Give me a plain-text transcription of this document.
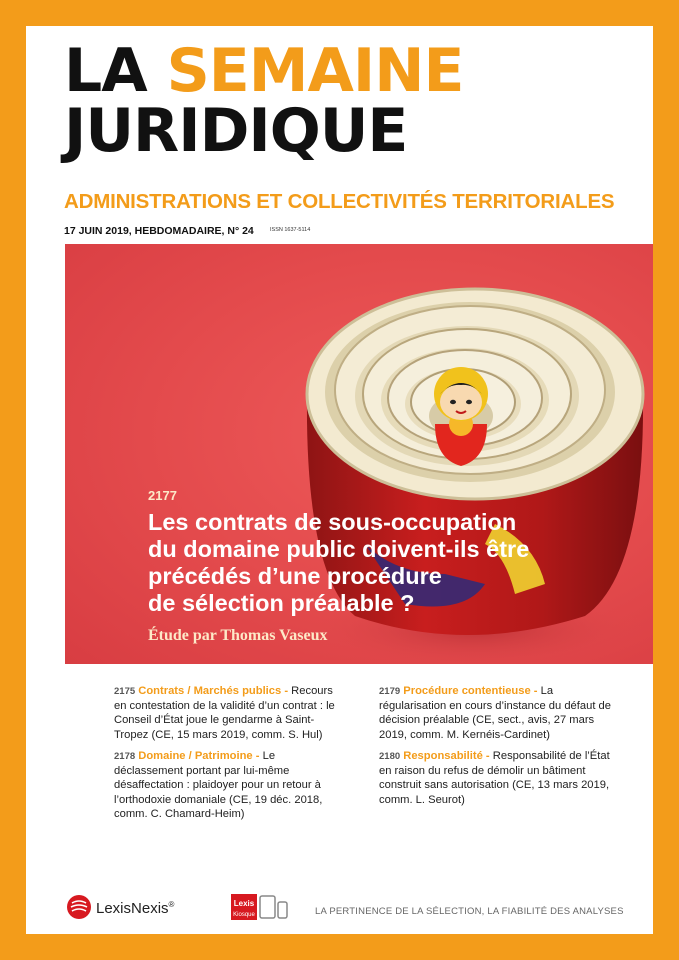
LA SEMAINE
JURIDIQUE
ADMINISTRATIONS ET COLLECTIVITÉS TERRITORIALES
17 JUIN 2019, HEBDOMADAIRE, N° 24	ISSN 1637-5114
2177
Les contrats de sous-occupation
du domaine public doivent-ils être
précédés d’une procédure
de sélection préalable ?
Étude par Thomas Vaseux
2175 Contrats / Marchés publics - Recours en contestation de la validité d’un contrat : le Conseil d’État joue le gendarme à Saint-Tropez (CE, 15 mars 2019, comm. S. Hul)
2178 Domaine / Patrimoine - Le déclassement portant par lui-même désaffectation : plaidoyer pour un retour à l’orthodoxie domaniale (CE, 19 déc. 2018, comm. C. Chamard-Heim)
2179 Procédure contentieuse - La régularisation en cours d’instance du défaut de décision préalable (CE, sect., avis, 27 mars 2019, comm. M. Kernéis-Cardinet)
2180 Responsabilité - Responsabilité de l’État en raison du refus de démolir un bâtiment construit sans autorisation (CE, 13 mars 2019, comm. L. Seurot)
LexisNexis®	Lexis
Kiosque	LA PERTINENCE DE LA SÉLECTION, LA FIABILITÉ DES ANALYSES
